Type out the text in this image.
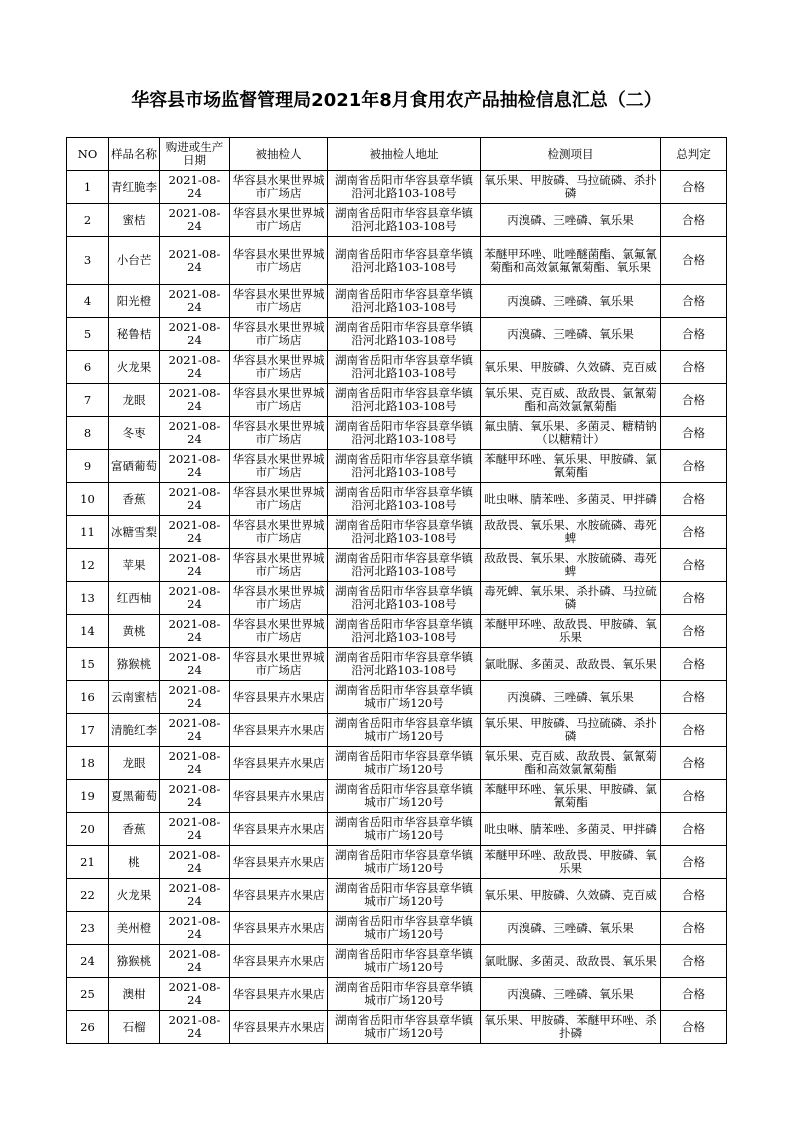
华容县市场监督管理局2021年8月食用农产品抽检信息汇总（二）
NO	样品名称	购进或生产日期	被抽检人	被抽检人地址	检测项目	总判定
1	青红脆李	2021-08-24	华容县水果世界城市广场店	湖南省岳阳市华容县章华镇沿河北路103-108号	氧乐果、甲胺磷、马拉硫磷、杀扑磷	合格
2	蜜桔	2021-08-24	华容县水果世界城市广场店	湖南省岳阳市华容县章华镇沿河北路103-108号	丙溴磷、三唑磷、氧乐果	合格
3	小台芒	2021-08-24	华容县水果世界城市广场店	湖南省岳阳市华容县章华镇沿河北路103-108号	苯醚甲环唑、吡唑醚菌酯、氯氟氰菊酯和高效氯氟氰菊酯、氧乐果	合格
4	阳光橙	2021-08-24	华容县水果世界城市广场店	湖南省岳阳市华容县章华镇沿河北路103-108号	丙溴磷、三唑磷、氧乐果	合格
5	秘鲁桔	2021-08-24	华容县水果世界城市广场店	湖南省岳阳市华容县章华镇沿河北路103-108号	丙溴磷、三唑磷、氧乐果	合格
6	火龙果	2021-08-24	华容县水果世界城市广场店	湖南省岳阳市华容县章华镇沿河北路103-108号	氧乐果、甲胺磷、久效磷、克百威	合格
7	龙眼	2021-08-24	华容县水果世界城市广场店	湖南省岳阳市华容县章华镇沿河北路103-108号	氧乐果、克百威、敌敌畏、氯氰菊酯和高效氯氰菊酯	合格
8	冬枣	2021-08-24	华容县水果世界城市广场店	湖南省岳阳市华容县章华镇沿河北路103-108号	氟虫腈、氧乐果、多菌灵、糖精钠（以糖精计）	合格
9	富硒葡萄	2021-08-24	华容县水果世界城市广场店	湖南省岳阳市华容县章华镇沿河北路103-108号	苯醚甲环唑、氧乐果、甲胺磷、氯氰菊酯	合格
10	香蕉	2021-08-24	华容县水果世界城市广场店	湖南省岳阳市华容县章华镇沿河北路103-108号	吡虫啉、腈苯唑、多菌灵、甲拌磷	合格
11	冰糖雪梨	2021-08-24	华容县水果世界城市广场店	湖南省岳阳市华容县章华镇沿河北路103-108号	敌敌畏、氧乐果、水胺硫磷、毒死蜱	合格
12	苹果	2021-08-24	华容县水果世界城市广场店	湖南省岳阳市华容县章华镇沿河北路103-108号	敌敌畏、氧乐果、水胺硫磷、毒死蜱	合格
13	红西柚	2021-08-24	华容县水果世界城市广场店	湖南省岳阳市华容县章华镇沿河北路103-108号	毒死蜱、氧乐果、杀扑磷、马拉硫磷	合格
14	黄桃	2021-08-24	华容县水果世界城市广场店	湖南省岳阳市华容县章华镇沿河北路103-108号	苯醚甲环唑、敌敌畏、甲胺磷、氧乐果	合格
15	猕猴桃	2021-08-24	华容县水果世界城市广场店	湖南省岳阳市华容县章华镇沿河北路103-108号	氯吡脲、多菌灵、敌敌畏、氧乐果	合格
16	云南蜜桔	2021-08-24	华容县果卉水果店	湖南省岳阳市华容县章华镇城市广场120号	丙溴磷、三唑磷、氧乐果	合格
17	清脆红李	2021-08-24	华容县果卉水果店	湖南省岳阳市华容县章华镇城市广场120号	氧乐果、甲胺磷、马拉硫磷、杀扑磷	合格
18	龙眼	2021-08-24	华容县果卉水果店	湖南省岳阳市华容县章华镇城市广场120号	氧乐果、克百威、敌敌畏、氯氰菊酯和高效氯氰菊酯	合格
19	夏黑葡萄	2021-08-24	华容县果卉水果店	湖南省岳阳市华容县章华镇城市广场120号	苯醚甲环唑、氧乐果、甲胺磷、氯氰菊酯	合格
20	香蕉	2021-08-24	华容县果卉水果店	湖南省岳阳市华容县章华镇城市广场120号	吡虫啉、腈苯唑、多菌灵、甲拌磷	合格
21	桃	2021-08-24	华容县果卉水果店	湖南省岳阳市华容县章华镇城市广场120号	苯醚甲环唑、敌敌畏、甲胺磷、氧乐果	合格
22	火龙果	2021-08-24	华容县果卉水果店	湖南省岳阳市华容县章华镇城市广场120号	氧乐果、甲胺磷、久效磷、克百威	合格
23	美州橙	2021-08-24	华容县果卉水果店	湖南省岳阳市华容县章华镇城市广场120号	丙溴磷、三唑磷、氧乐果	合格
24	猕猴桃	2021-08-24	华容县果卉水果店	湖南省岳阳市华容县章华镇城市广场120号	氯吡脲、多菌灵、敌敌畏、氧乐果	合格
25	澳柑	2021-08-24	华容县果卉水果店	湖南省岳阳市华容县章华镇城市广场120号	丙溴磷、三唑磷、氧乐果	合格
26	石榴	2021-08-24	华容县果卉水果店	湖南省岳阳市华容县章华镇城市广场120号	氧乐果、甲胺磷、苯醚甲环唑、杀扑磷	合格
